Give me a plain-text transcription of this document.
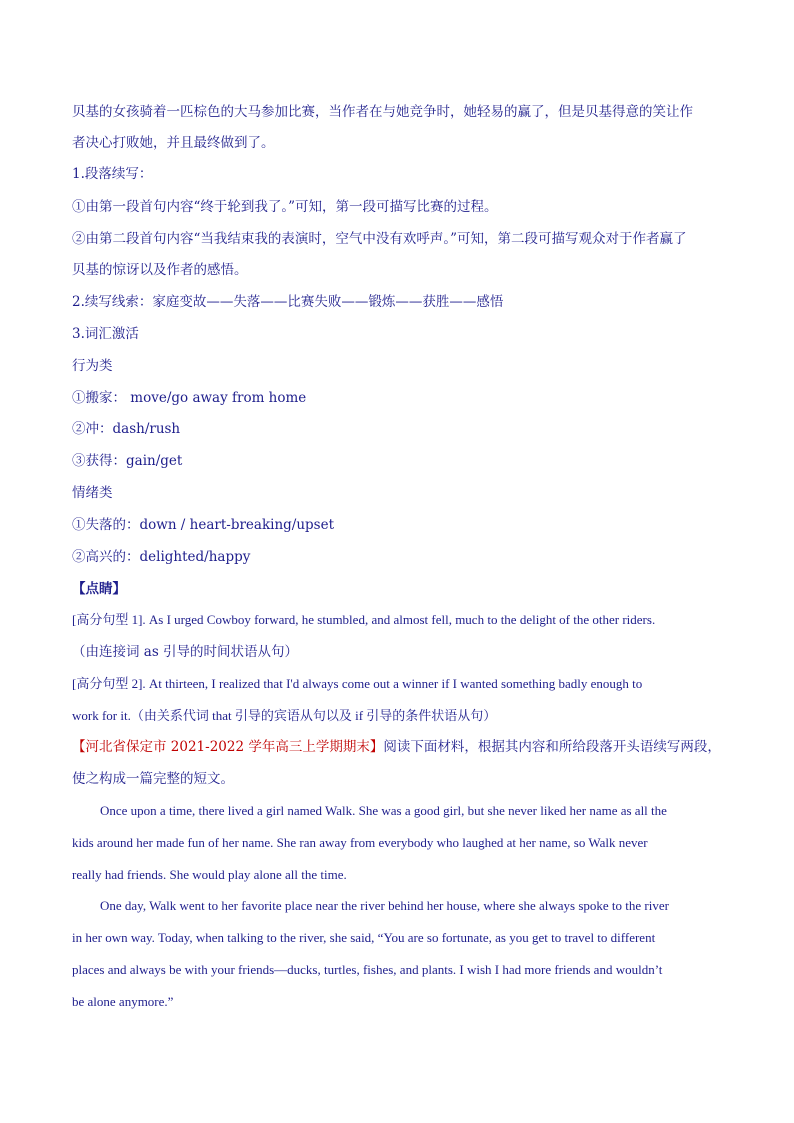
贝基的女孩骑着一匹棕色的大马参加比赛，当作者在与她竞争时，她轻易的赢了，但是贝基得意的笑让作
者决心打败她，并且最终做到了。
1.段落续写：
①由第一段首句内容“终于轮到我了。”可知，第一段可描写比赛的过程。
②由第二段首句内容“当我结束我的表演时，空气中没有欢呼声。”可知，第二段可描写观众对于作者赢了
贝基的惊讶以及作者的感悟。
2.续写线索：家庭变故——失落——比赛失败——锻炼——获胜——感悟
3.词汇激活
行为类
①搬家： move/go away from home
②冲：dash/rush
③获得：gain/get
情绪类
①失落的：down / heart-breaking/upset
②高兴的：delighted/happy
【点睛】
[高分句型 1]. As I urged Cowboy forward, he stumbled, and almost fell, much to the delight of the other riders.
（由连接词 as 引导的时间状语从句）
[高分句型 2]. At thirteen, I realized that I'd always come out a winner if I wanted something badly enough to
work for it.（由关系代词 that 引导的宾语从句以及 if 引导的条件状语从句）
【河北省保定市 2021-2022 学年高三上学期期末】阅读下面材料，根据其内容和所给段落开头语续写两段，
使之构成一篇完整的短文。
Once upon a time, there lived a girl named Walk. She was a good girl, but she never liked her name as all the
kids around her made fun of her name. She ran away from everybody who laughed at her name, so Walk never
really had friends. She would play alone all the time.
One day, Walk went to her favorite place near the river behind her house, where she always spoke to the river
in her own way. Today, when talking to the river, she said, “You are so fortunate, as you get to travel to different
places and always be with your friends—ducks, turtles, fishes, and plants. I wish I had more friends and wouldn’t
be alone anymore.”
